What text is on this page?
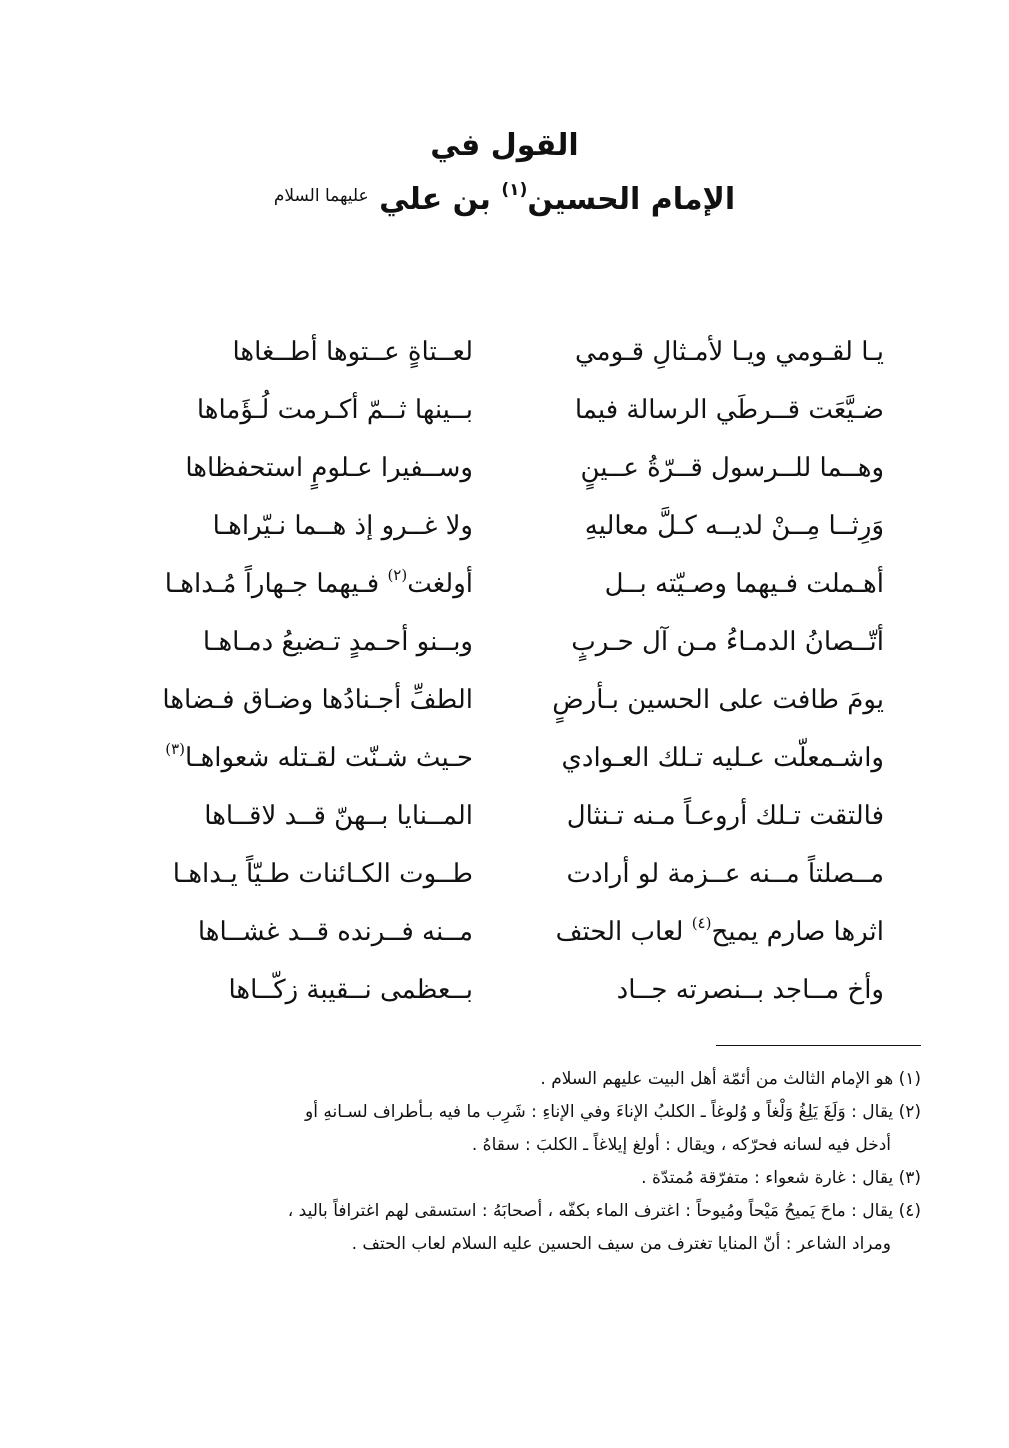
القول في
الإمام الحسين$^{(١)}$ بن علي $^{عليهما السلام}$
يـا لقـومي ويـا لأمـثالِ قـومي
لعــتاةٍ عــتوها أطــغاها
ضـيَّعَت قــرطَي الرسالة فيما
بــينها ثــمّ أكـرمت لُـؤَماها
وهــما للــرسول قــرّةُ عــينٍ
وســفيرا عـلومٍ استحفظاها
وَرِثــا مِــنْ لديــه كـلَّ معاليهِ
ولا غــرو إذ هــما نـيّراهـا
أهـملت فـيهما وصـيّته بــل
أولغت$^{(٢)}$ فـيهما جـهاراً مُـداهـا
أتّــصانُ الدمـاءُ مـن آل حـربٍ
وبــنو أحـمدٍ تـضيعُ دمـاهـا
يومَ طافت على الحسين بـأرضٍ
الطفِّ أجـنادُها وضـاق فـضاها
واشـمعلّت عـليه تـلك العـوادي
حـيث شـنّت لقـتله شعواهـا$^{(٣)}$
فالتقت تـلك أروعـاً مـنه تـنثال
المــنايا بــهنّ قــد لاقــاها
مــصلتاً مــنه عــزمة لو أرادت
طــوت الكـائنات طـيّاً يـداهـا
اثرها صارم يميح$^{(٤)}$ لعاب الحتف
مــنه فــرنده قــد غشــاها
وأخ مــاجد بــنصرته جــاد
بــعظمى نــقيبة زكّــاها
(١) هو الإمام الثالث من أئمّة أهل البيت عليهم السلام .
(٢) يقال : وَلَغَ يَلِغُ وَلْغاً و وُلوغاً ـ الكلبُ الإناءَ وفي الإناءِ : شَرِب ما فيه بـأطراف لسـانهِ أو
أدخل فيه لسانه فحرّكه ، ويقال : أولغ إيلاغاً ـ الكلبَ : سقاهُ .
(٣) يقال : غارة شعواء : متفرّقة مُمتدّة .
(٤) يقال : ماحَ يَميحُ مَيْحاً ومُيوحاً : اغترف الماء بكفّه ، أصحابَهُ : استسقى لهم اغترافاً باليد ،
ومراد الشاعر : أنّ المنايا تغترف من سيف الحسين عليه السلام لعاب الحتف .
